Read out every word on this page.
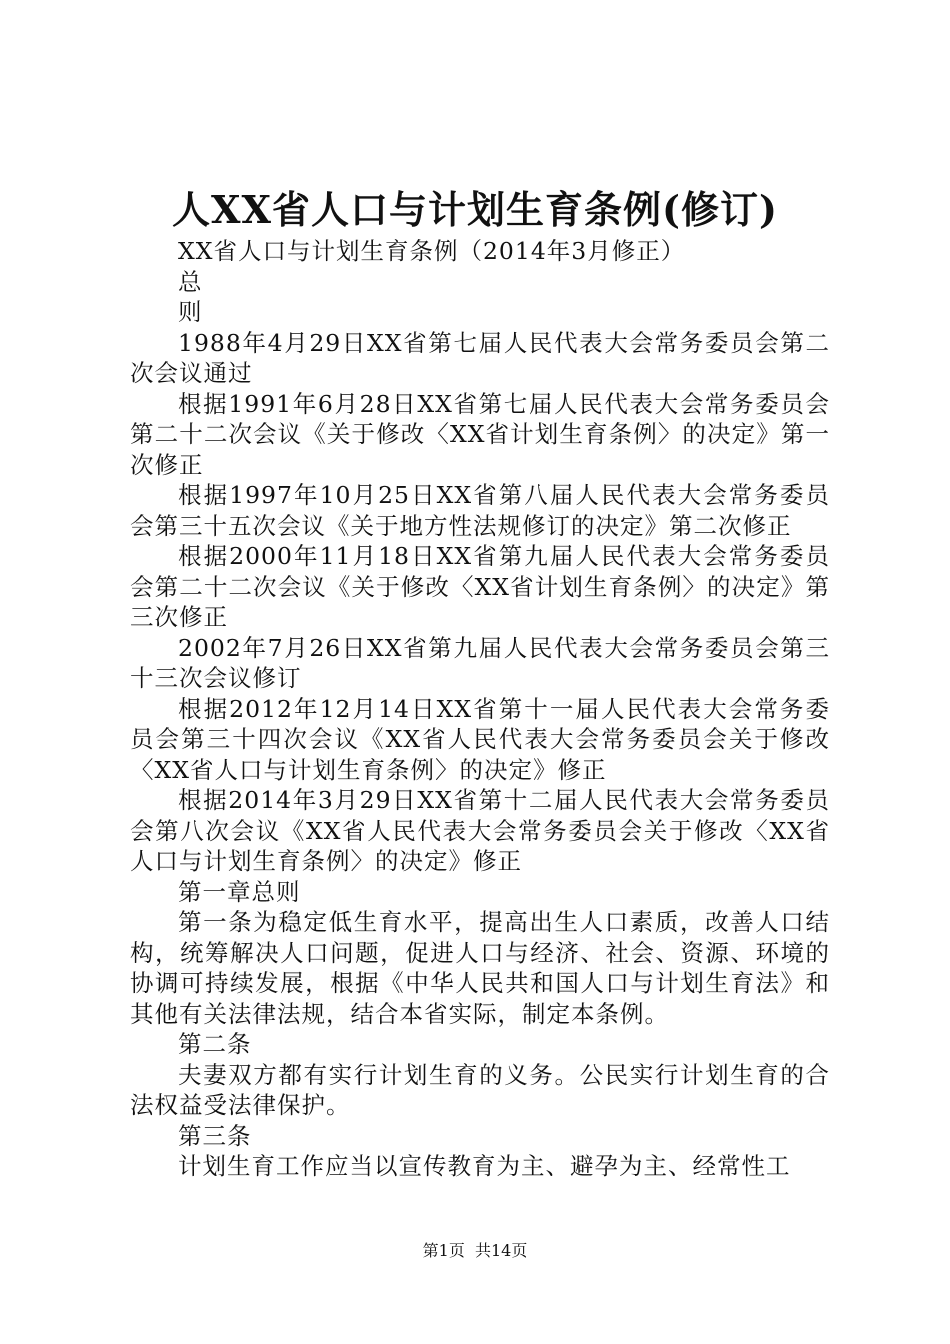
人XX省人口与计划生育条例(修订)

XX省人口与计划生育条例（2014年3月修正）

总

则

1988年4月29日XX省第七届人民代表大会常务委员会第二次会议通过

根据1991年6月28日XX省第七届人民代表大会常务委员会第二十二次会议《关于修改〈XX省计划生育条例〉的决定》第一次修正

根据1997年10月25日XX省第八届人民代表大会常务委员会第三十五次会议《关于地方性法规修订的决定》第二次修正

根据2000年11月18日XX省第九届人民代表大会常务委员会第二十二次会议《关于修改〈XX省计划生育条例〉的决定》第三次修正

2002年7月26日XX省第九届人民代表大会常务委员会第三十三次会议修订

根据2012年12月14日XX省第十一届人民代表大会常务委员会第三十四次会议《XX省人民代表大会常务委员会关于修改〈XX省人口与计划生育条例〉的决定》修正

根据2014年3月29日XX省第十二届人民代表大会常务委员会第八次会议《XX省人民代表大会常务委员会关于修改〈XX省人口与计划生育条例〉的决定》修正

第一章总则

第一条为稳定低生育水平，提高出生人口素质，改善人口结构，统筹解决人口问题，促进人口与经济、社会、资源、环境的协调可持续发展，根据《中华人民共和国人口与计划生育法》和其他有关法律法规，结合本省实际，制定本条例。

第二条

夫妻双方都有实行计划生育的义务。公民实行计划生育的合法权益受法律保护。

第三条

计划生育工作应当以宣传教育为主、避孕为主、经常性工

第1页  共14页
